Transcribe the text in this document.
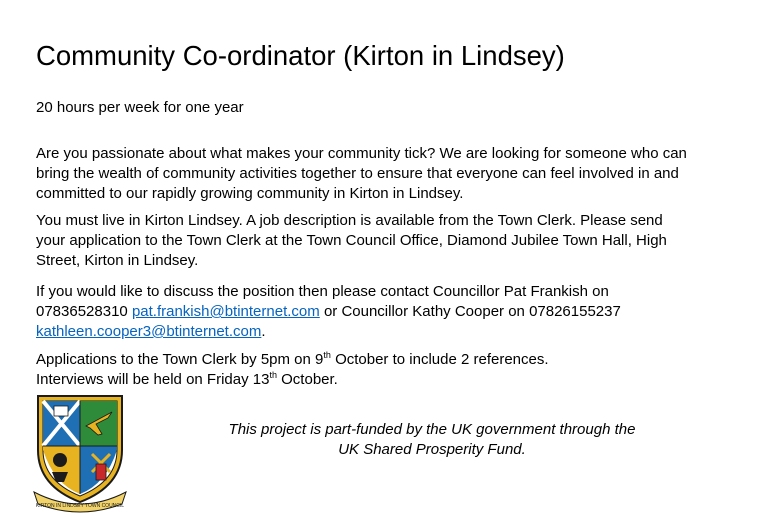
Community Co-ordinator (Kirton in Lindsey)

20 hours per week for one year

Are you passionate about what makes your community tick? We are looking for someone who can
bring the wealth of community activities together to ensure that everyone can feel involved in and
committed to our rapidly growing community in Kirton in Lindsey.

You must live in Kirton Lindsey. A job description is available from the Town Clerk. Please send
your application to the Town Clerk at the Town Council Office, Diamond Jubilee Town Hall, High
Street, Kirton in Lindsey.

If you would like to discuss the position then please contact Councillor Pat Frankish on
07836528310 pat.frankish@btinternet.com or Councillor Kathy Cooper on 07826155237
kathleen.cooper3@btinternet.com.

Applications to the Town Clerk by 5pm on 9th October to include 2 references.
Interviews will be held on Friday 13th October.

KIRTON IN LINDSEY TOWN COUNCIL

This project is part-funded by the UK government through the
UK Shared Prosperity Fund.
